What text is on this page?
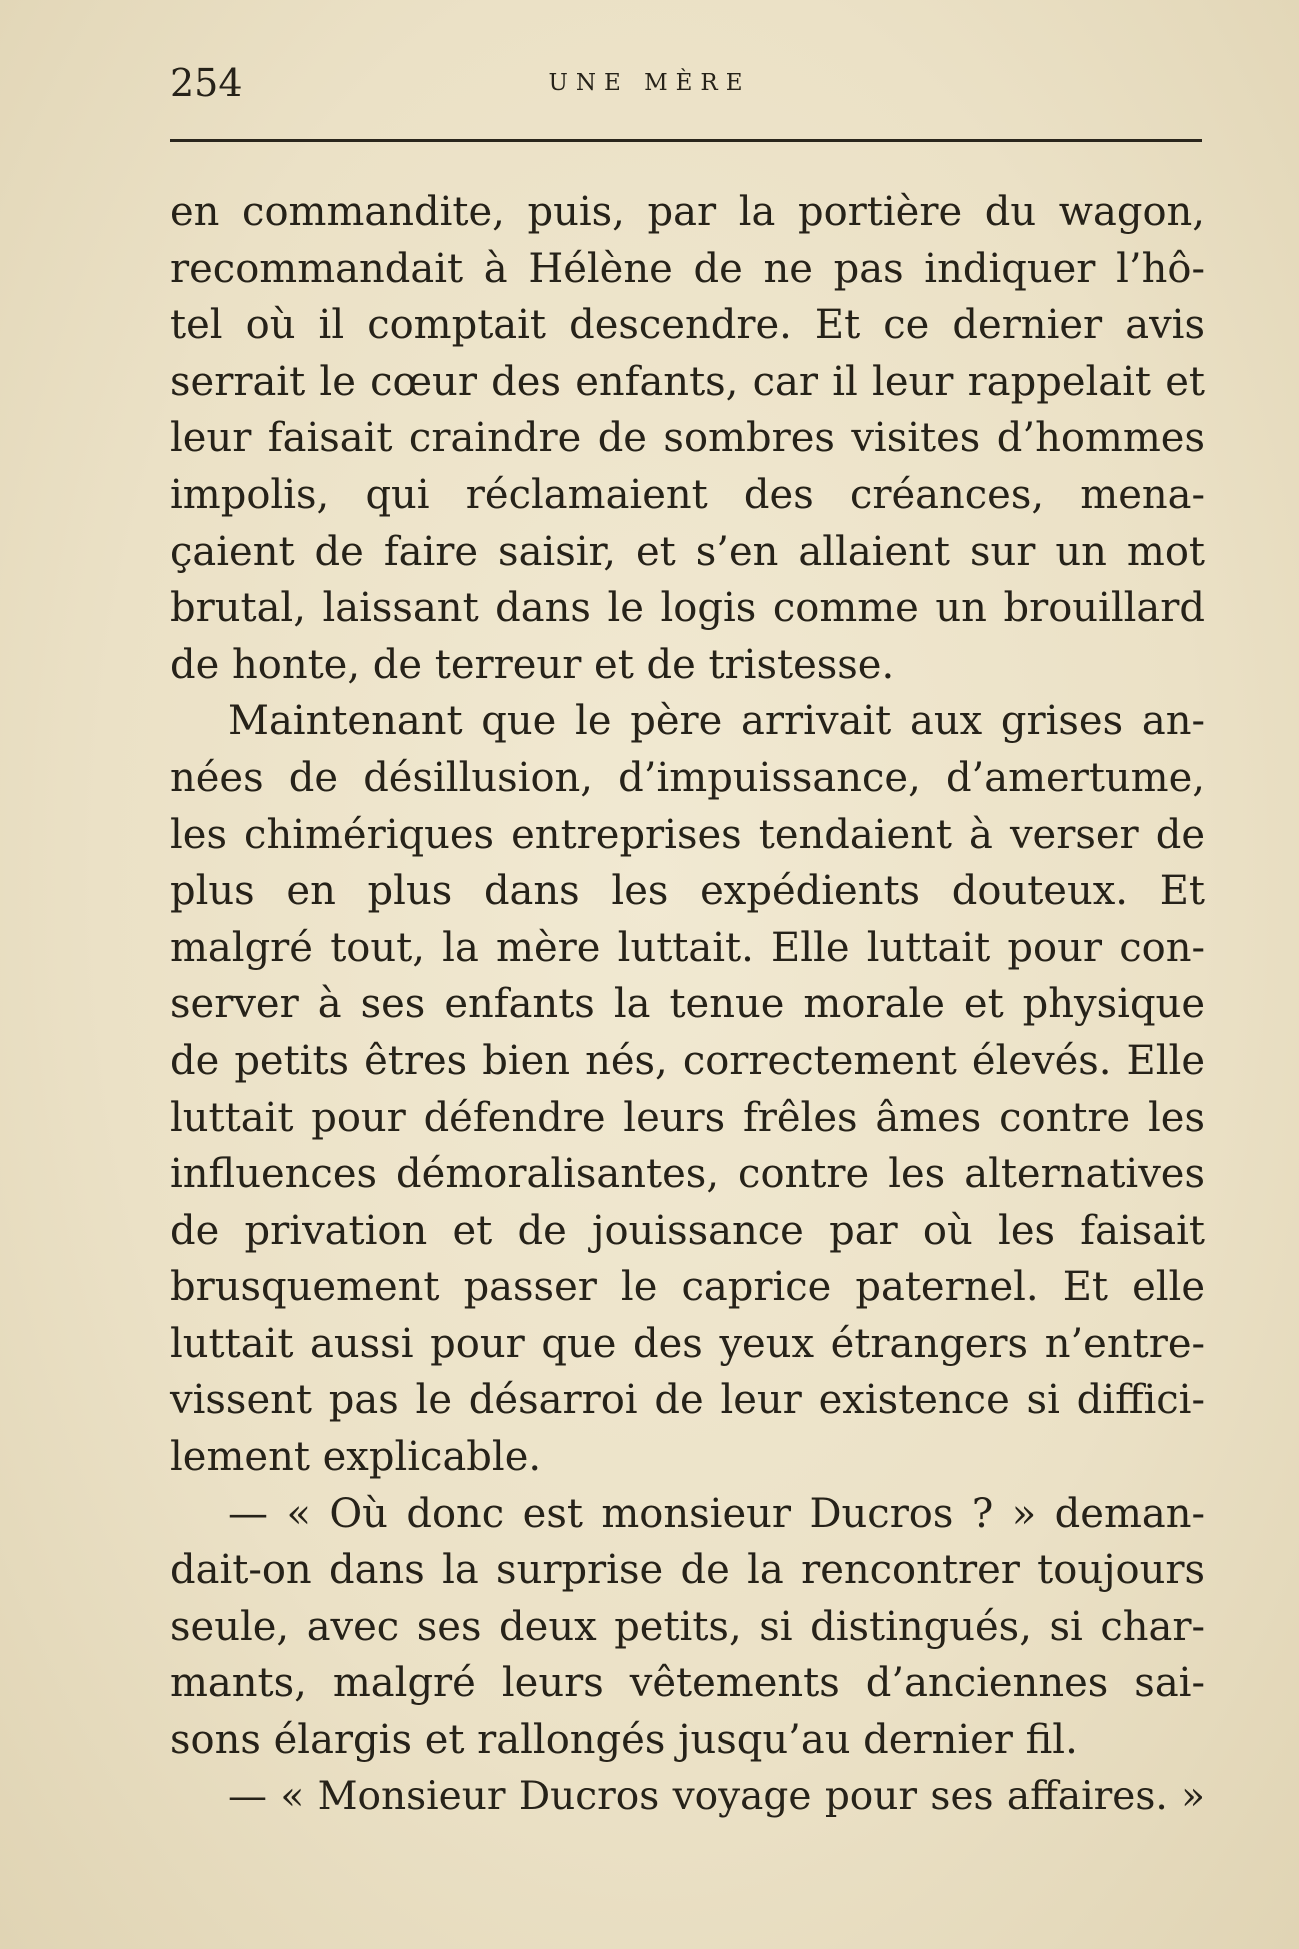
254	UNE MÈRE
en commandite, puis, par la portière du wagon,
recommandait à Hélène de ne pas indiquer l’hô-
tel où il comptait descendre. Et ce dernier avis
serrait le cœur des enfants, car il leur rappelait et
leur faisait craindre de sombres visites d’hommes
impolis, qui réclamaient des créances, mena-
çaient de faire saisir, et s’en allaient sur un mot
brutal, laissant dans le logis comme un brouillard
de honte, de terreur et de tristesse.
Maintenant que le père arrivait aux grises an-
nées de désillusion, d’impuissance, d’amertume,
les chimériques entreprises tendaient à verser de
plus en plus dans les expédients douteux. Et
malgré tout, la mère luttait. Elle luttait pour con-
server à ses enfants la tenue morale et physique
de petits êtres bien nés, correctement élevés. Elle
luttait pour défendre leurs frêles âmes contre les
influences démoralisantes, contre les alternatives
de privation et de jouissance par où les faisait
brusquement passer le caprice paternel. Et elle
luttait aussi pour que des yeux étrangers n’entre-
vissent pas le désarroi de leur existence si diffici-
lement explicable.
— « Où donc est monsieur Ducros ? » deman-
dait-on dans la surprise de la rencontrer toujours
seule, avec ses deux petits, si distingués, si char-
mants, malgré leurs vêtements d’anciennes sai-
sons élargis et rallongés jusqu’au dernier fil.
— « Monsieur Ducros voyage pour ses affaires. »
